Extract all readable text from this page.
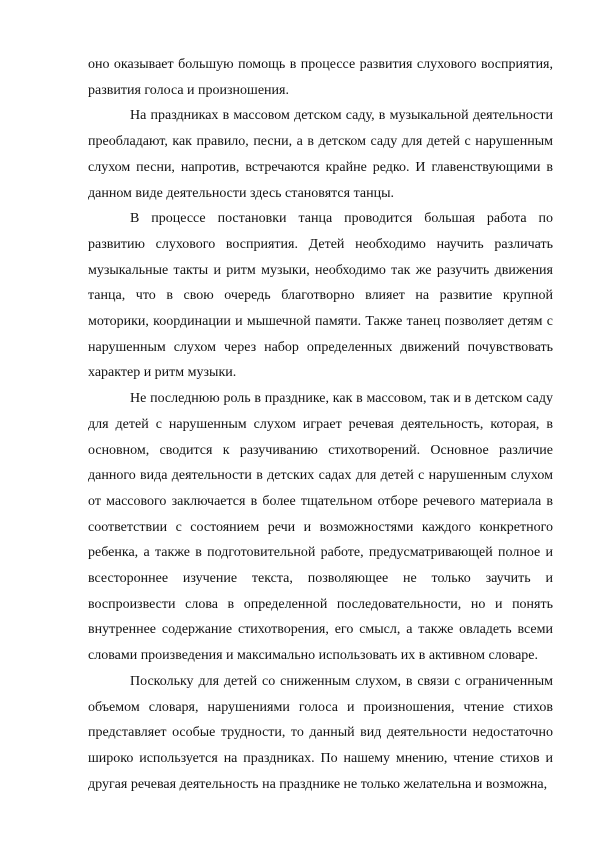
оно оказывает большую помощь в процессе развития слухового восприятия, развития голоса и произношения.

На праздниках в массовом детском саду, в музыкальной деятельности преобладают, как правило, песни, а в детском саду для детей с нарушенным слухом песни, напротив, встречаются крайне редко. И главенствующими в данном виде деятельности здесь становятся танцы.

В процессе постановки танца проводится большая работа по развитию слухового восприятия. Детей необходимо научить различать музыкальные такты и ритм музыки, необходимо так же разучить движения танца, что в свою очередь благотворно влияет на развитие крупной моторики, координации и мышечной памяти. Также танец позволяет детям с нарушенным слухом через набор определенных движений почувствовать характер и ритм музыки.

Не последнюю роль в празднике, как в массовом, так и в детском саду для детей с нарушенным слухом играет речевая деятельность, которая, в основном, сводится к разучиванию стихотворений. Основное различие данного вида деятельности в детских садах для детей с нарушенным слухом от массового заключается в более тщательном отборе речевого материала в соответствии с состоянием речи и возможностями каждого конкретного ребенка, а также в подготовительной работе, предусматривающей полное и всестороннее изучение текста, позволяющее не только заучить и воспроизвести слова в определенной последовательности, но и понять внутреннее содержание стихотворения, его смысл, а также овладеть всеми словами произведения и максимально использовать их в активном словаре.

Поскольку для детей со сниженным слухом, в связи с ограниченным объемом словаря, нарушениями голоса и произношения, чтение стихов представляет особые трудности, то данный вид деятельности недостаточно широко используется на праздниках. По нашему мнению, чтение стихов и другая речевая деятельность на празднике не только желательна и возможна,
